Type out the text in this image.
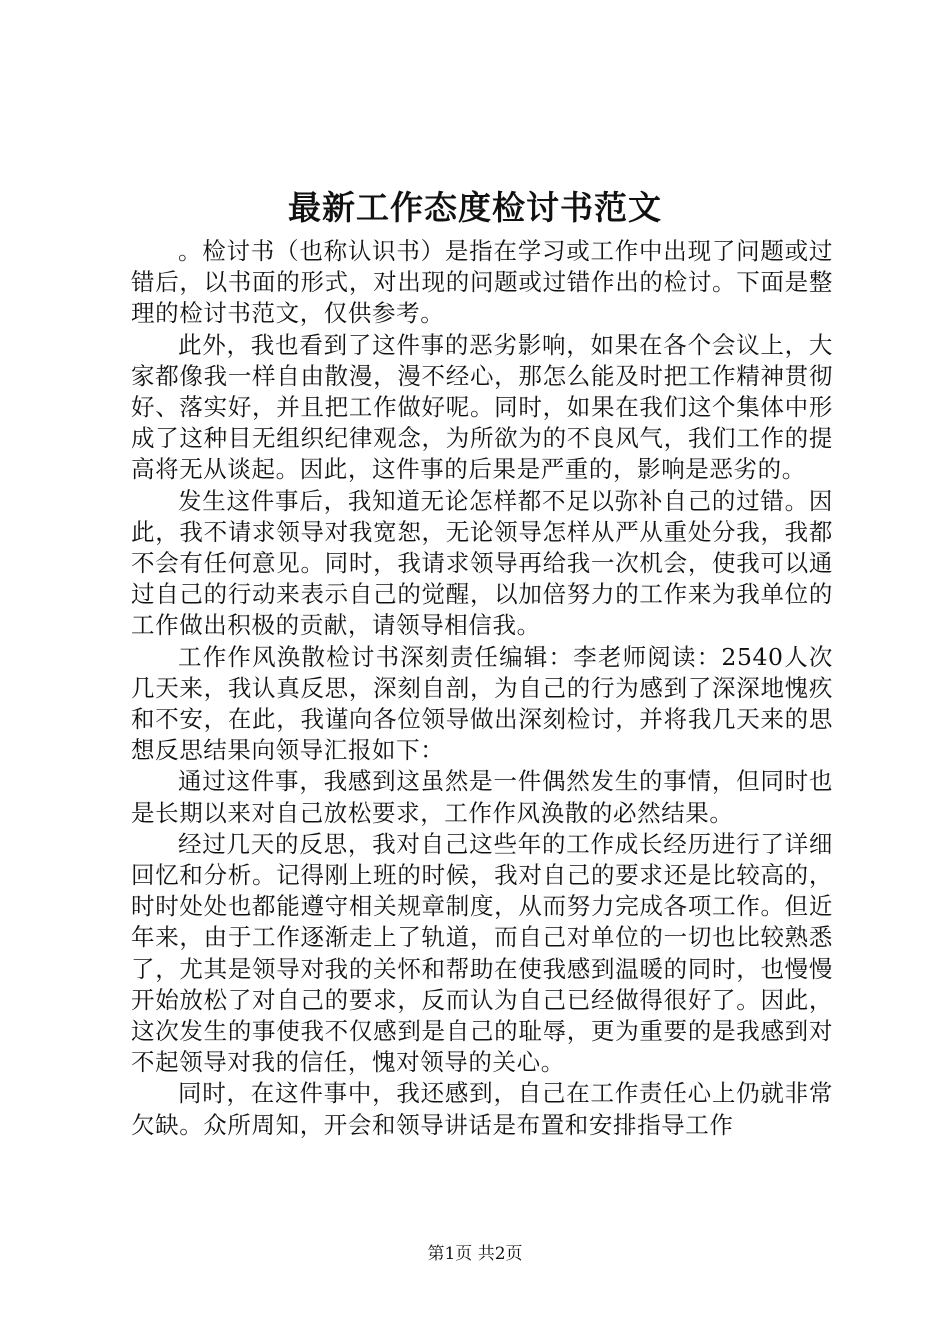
最新工作态度检讨书范文

。检讨书（也称认识书）是指在学习或工作中出现了问题或过错后，以书面的形式，对出现的问题或过错作出的检讨。下面是整理的检讨书范文，仅供参考。

此外，我也看到了这件事的恶劣影响，如果在各个会议上，大家都像我一样自由散漫，漫不经心，那怎么能及时把工作精神贯彻好、落实好，并且把工作做好呢。同时，如果在我们这个集体中形成了这种目无组织纪律观念，为所欲为的不良风气，我们工作的提高将无从谈起。因此，这件事的后果是严重的，影响是恶劣的。

发生这件事后，我知道无论怎样都不足以弥补自己的过错。因此，我不请求领导对我宽恕，无论领导怎样从严从重处分我，我都不会有任何意见。同时，我请求领导再给我一次机会，使我可以通过自己的行动来表示自己的觉醒，以加倍努力的工作来为我单位的工作做出积极的贡献，请领导相信我。

工作作风涣散检讨书深刻责任编辑：李老师阅读：2540人次几天来，我认真反思，深刻自剖，为自己的行为感到了深深地愧疚和不安，在此，我谨向各位领导做出深刻检讨，并将我几天来的思想反思结果向领导汇报如下：

通过这件事，我感到这虽然是一件偶然发生的事情，但同时也是长期以来对自己放松要求，工作作风涣散的必然结果。

经过几天的反思，我对自己这些年的工作成长经历进行了详细回忆和分析。记得刚上班的时候，我对自己的要求还是比较高的，时时处处也都能遵守相关规章制度，从而努力完成各项工作。但近年来，由于工作逐渐走上了轨道，而自己对单位的一切也比较熟悉了，尤其是领导对我的关怀和帮助在使我感到温暖的同时，也慢慢开始放松了对自己的要求，反而认为自己已经做得很好了。因此，这次发生的事使我不仅感到是自己的耻辱，更为重要的是我感到对不起领导对我的信任，愧对领导的关心。

同时，在这件事中，我还感到，自己在工作责任心上仍就非常欠缺。众所周知，开会和领导讲话是布置和安排指导工作

第1页 共2页
